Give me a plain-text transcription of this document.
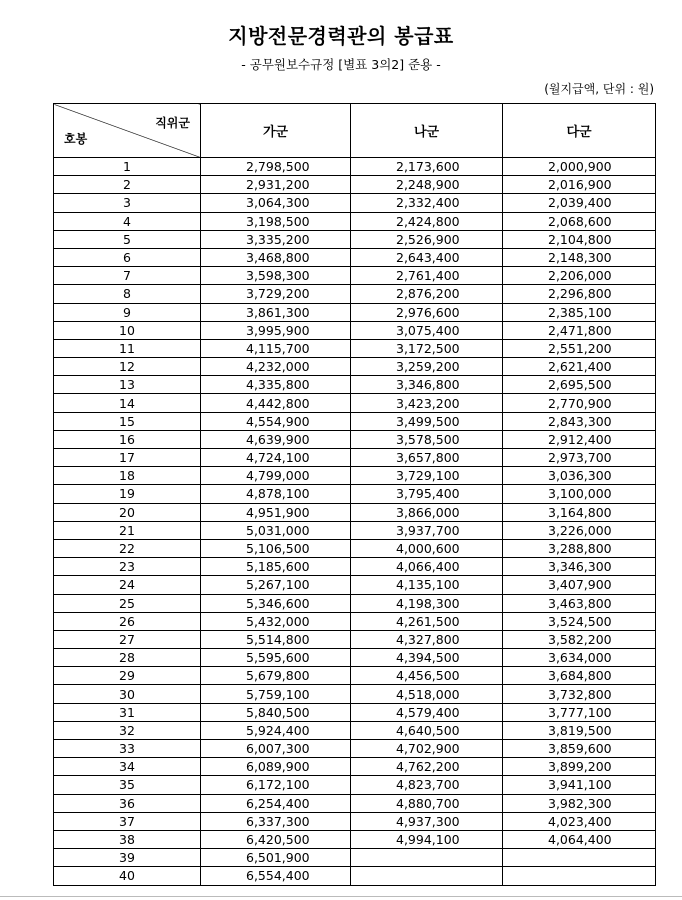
지방전문경력관의 봉급표
- 공무원보수규정 [별표 3의2] 준용 -
(월지급액, 단위 : 원)
직위군
호봉	가군	나군	다군
1	2,798,500	2,173,600	2,000,900
2	2,931,200	2,248,900	2,016,900
3	3,064,300	2,332,400	2,039,400
4	3,198,500	2,424,800	2,068,600
5	3,335,200	2,526,900	2,104,800
6	3,468,800	2,643,400	2,148,300
7	3,598,300	2,761,400	2,206,000
8	3,729,200	2,876,200	2,296,800
9	3,861,300	2,976,600	2,385,100
10	3,995,900	3,075,400	2,471,800
11	4,115,700	3,172,500	2,551,200
12	4,232,000	3,259,200	2,621,400
13	4,335,800	3,346,800	2,695,500
14	4,442,800	3,423,200	2,770,900
15	4,554,900	3,499,500	2,843,300
16	4,639,900	3,578,500	2,912,400
17	4,724,100	3,657,800	2,973,700
18	4,799,000	3,729,100	3,036,300
19	4,878,100	3,795,400	3,100,000
20	4,951,900	3,866,000	3,164,800
21	5,031,000	3,937,700	3,226,000
22	5,106,500	4,000,600	3,288,800
23	5,185,600	4,066,400	3,346,300
24	5,267,100	4,135,100	3,407,900
25	5,346,600	4,198,300	3,463,800
26	5,432,000	4,261,500	3,524,500
27	5,514,800	4,327,800	3,582,200
28	5,595,600	4,394,500	3,634,000
29	5,679,800	4,456,500	3,684,800
30	5,759,100	4,518,000	3,732,800
31	5,840,500	4,579,400	3,777,100
32	5,924,400	4,640,500	3,819,500
33	6,007,300	4,702,900	3,859,600
34	6,089,900	4,762,200	3,899,200
35	6,172,100	4,823,700	3,941,100
36	6,254,400	4,880,700	3,982,300
37	6,337,300	4,937,300	4,023,400
38	6,420,500	4,994,100	4,064,400
39	6,501,900		
40	6,554,400		
